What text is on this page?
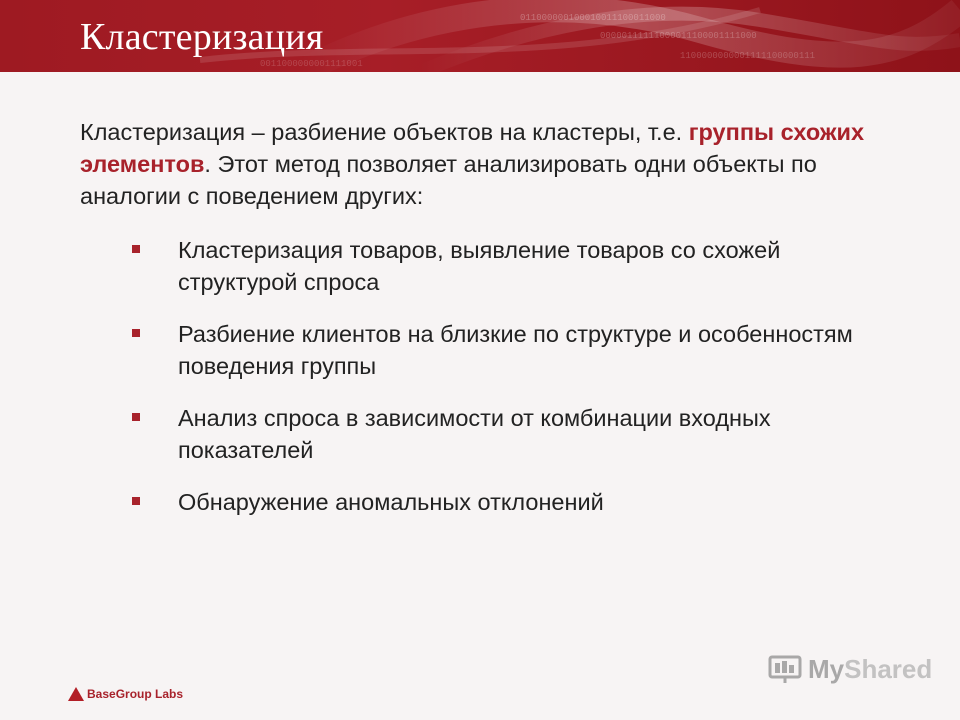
011000000100010011100011000
00000111111000011100001111000
1100000000001111100000111
0011000000001111001
Кластеризация

Кластеризация – разбиение объектов на кластеры, т.е. группы схожих элементов. Этот метод позволяет анализировать одни объекты по аналогии с поведением других:

Кластеризация товаров, выявление товаров со схожей структурой спроса
Разбиение клиентов на близкие по структуре и особенностям поведения группы
Анализ спроса в зависимости от комбинации входных показателей
Обнаружение аномальных отклонений
BaseGroup Labs
MyShared
